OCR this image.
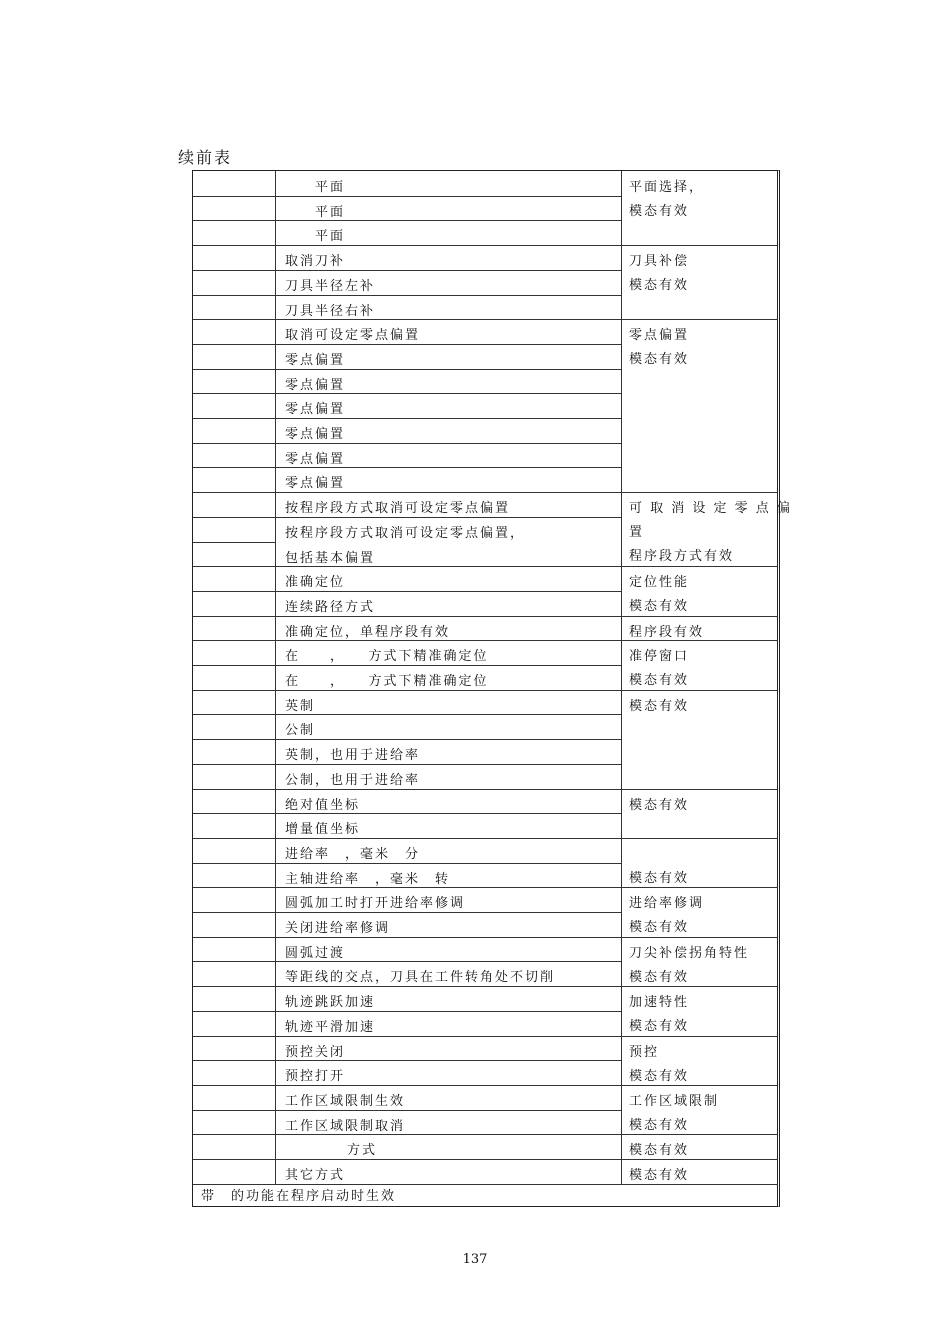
续前表
平面
平面
平面
取消刀补
刀具半径左补
刀具半径右补
取消可设定零点偏置
零点偏置
零点偏置
零点偏置
零点偏置
零点偏置
零点偏置
按程序段方式取消可设定零点偏置
按程序段方式取消可设定零点偏置，
包括基本偏置
准确定位
连续路径方式
准确定位，单程序段有效
在　　，　　方式下精准确定位
在　　，　　方式下精准确定位
英制
公制
英制，也用于进给率
公制，也用于进给率
绝对值坐标
增量值坐标
进给率　，毫米　分
主轴进给率　，毫米　转
圆弧加工时打开进给率修调
关闭进给率修调
圆弧过渡
等距线的交点，刀具在工件转角处不切削
轨迹跳跃加速
轨迹平滑加速
预控关闭
预控打开
工作区域限制生效
工作区域限制取消
方式
其它方式
平面选择，
模态有效
刀具补偿
模态有效
零点偏置
模态有效
可 取 消 设 定 零 点 偏
置
程序段方式有效
定位性能
模态有效
程序段有效
准停窗口
模态有效
模态有效
模态有效
模态有效
进给率修调
模态有效
刀尖补偿拐角特性
模态有效
加速特性
模态有效
预控
模态有效
工作区域限制
模态有效
模态有效
模态有效
带　的功能在程序启动时生效
137
